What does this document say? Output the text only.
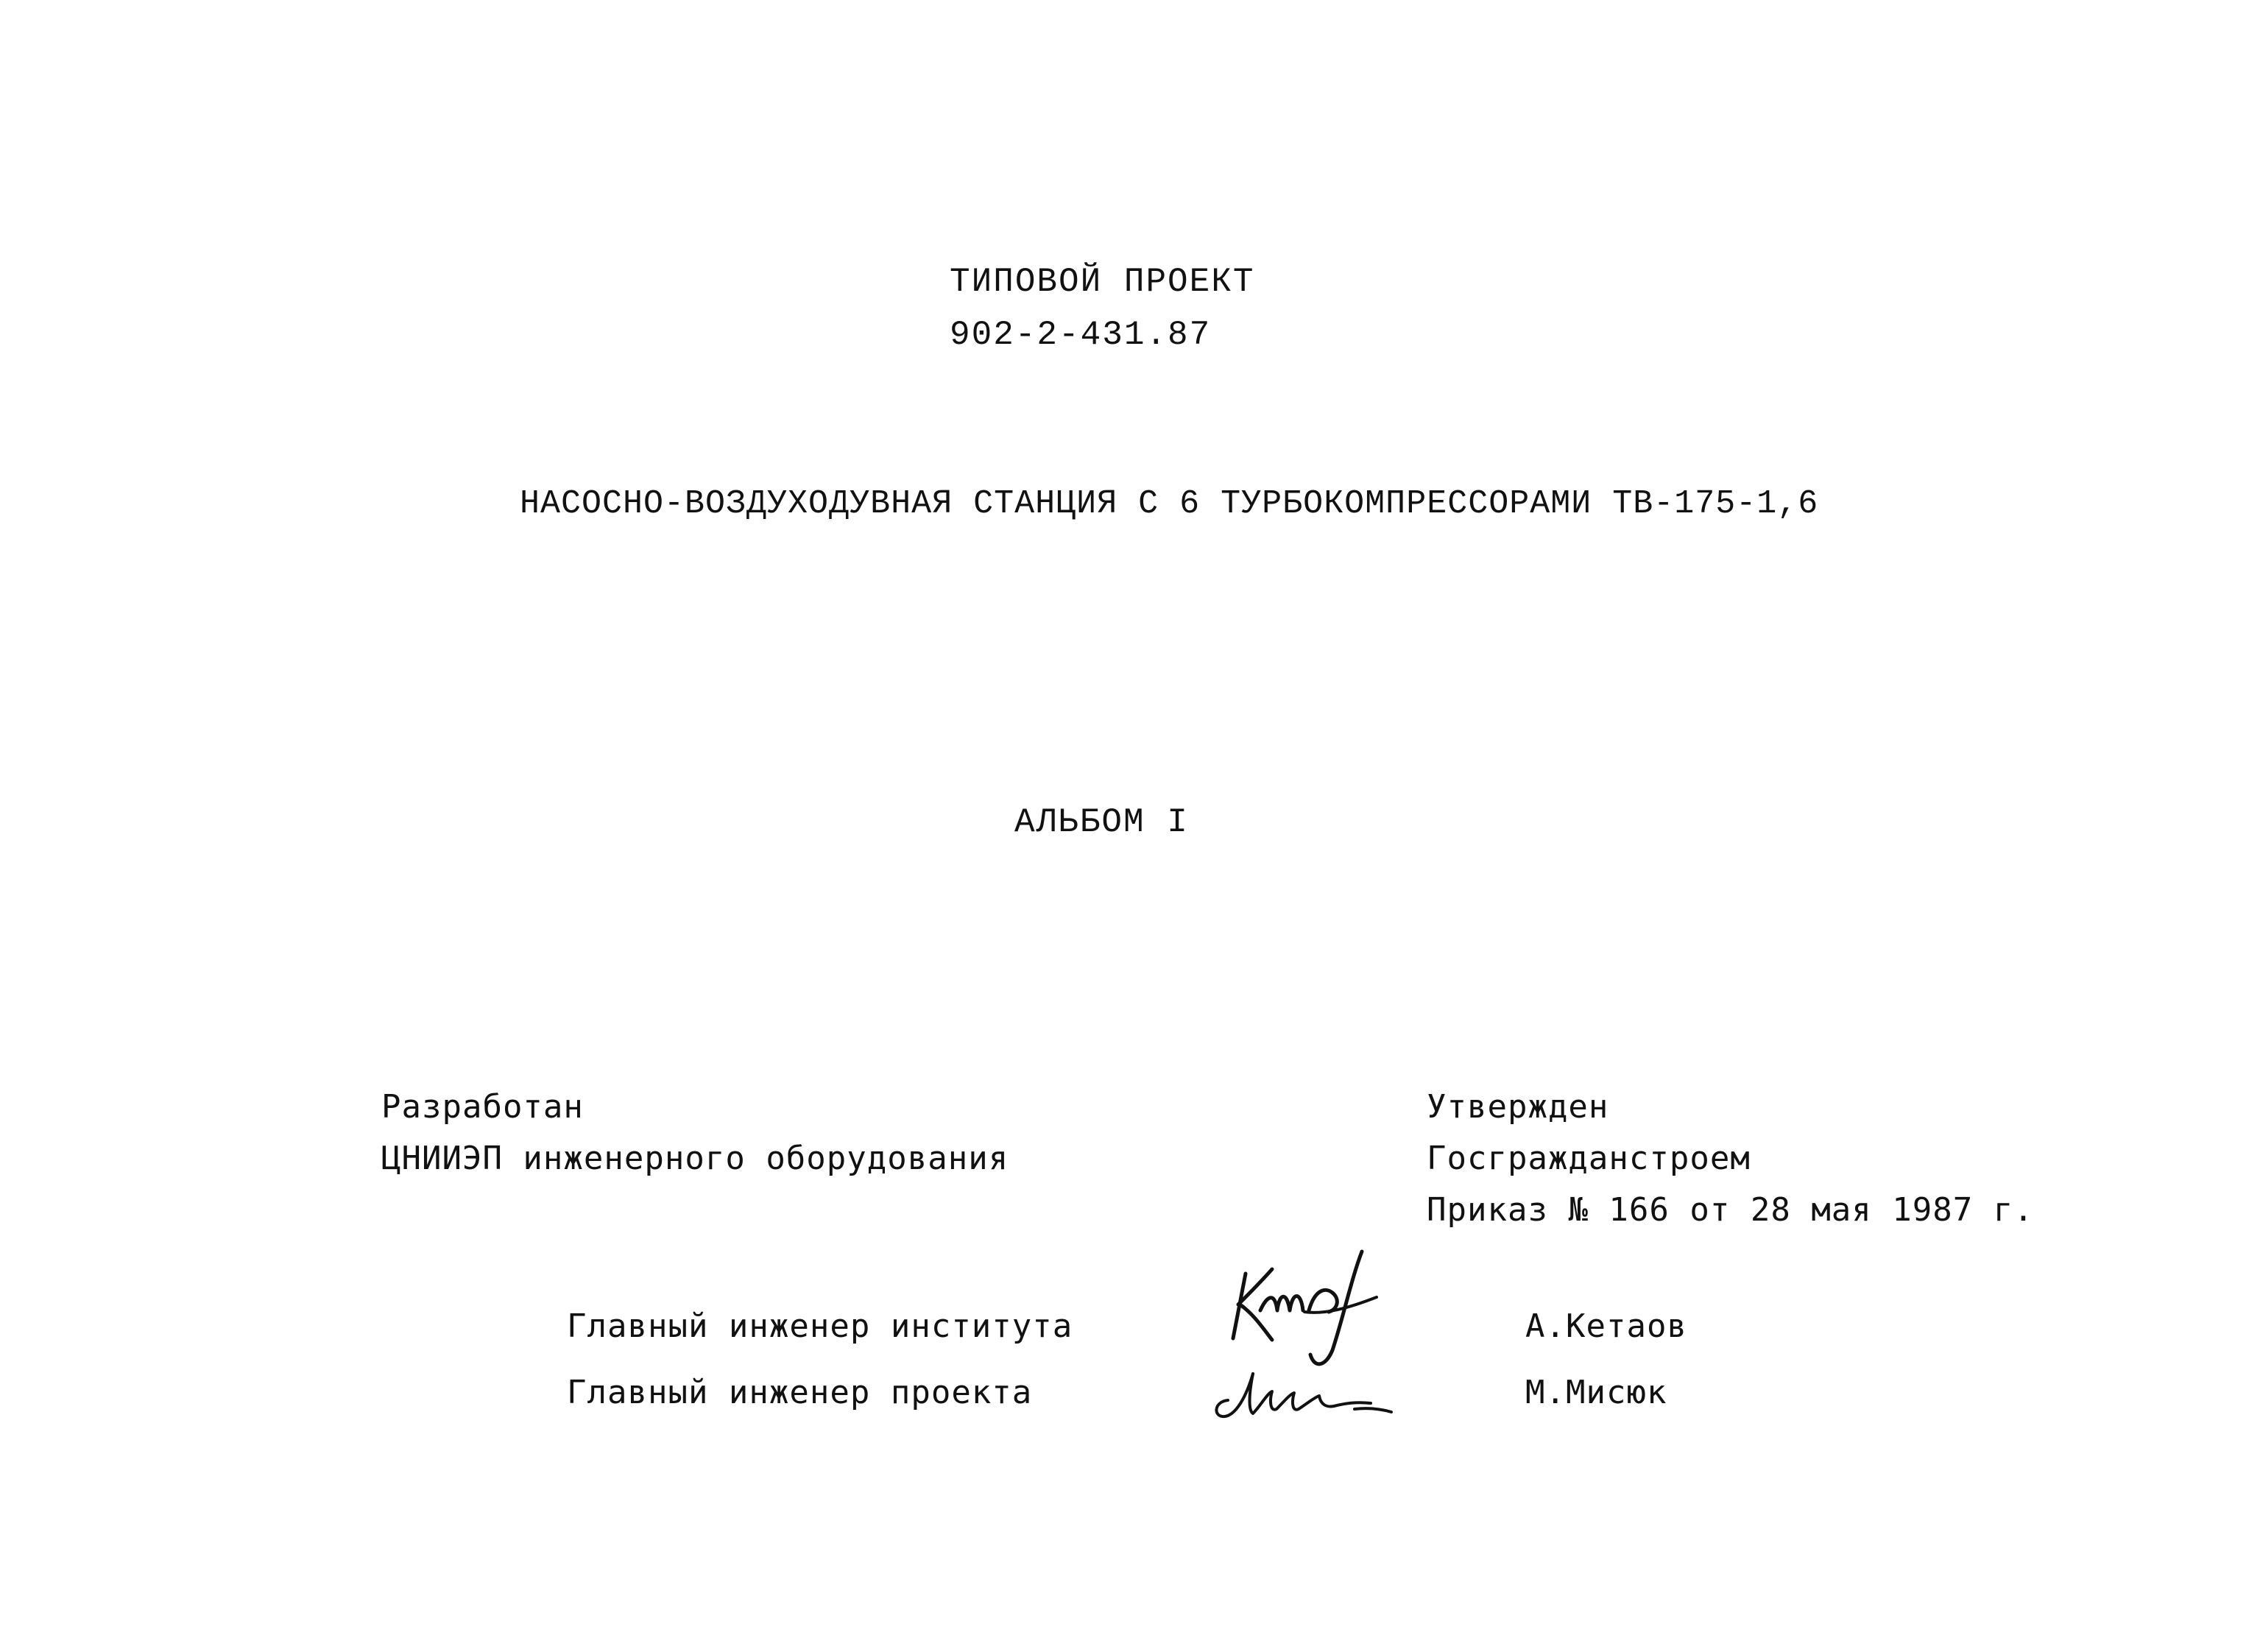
ТИПОВОЙ ПРОЕКТ
902-2-431.87
НАСОСНО-ВОЗДУХОДУВНАЯ СТАНЦИЯ С 6 ТУРБОКОМПРЕССОРАМИ ТВ-175-1,6
АЛЬБОМ I
Разработан
ЦНИИЭП инженерного оборудования
Утвержден
Госгражданстроем
Приказ № 166 от 28 мая 1987 г.
Главный инженер института	А.Кетаов
Главный инженер проекта	М.Мисюк
